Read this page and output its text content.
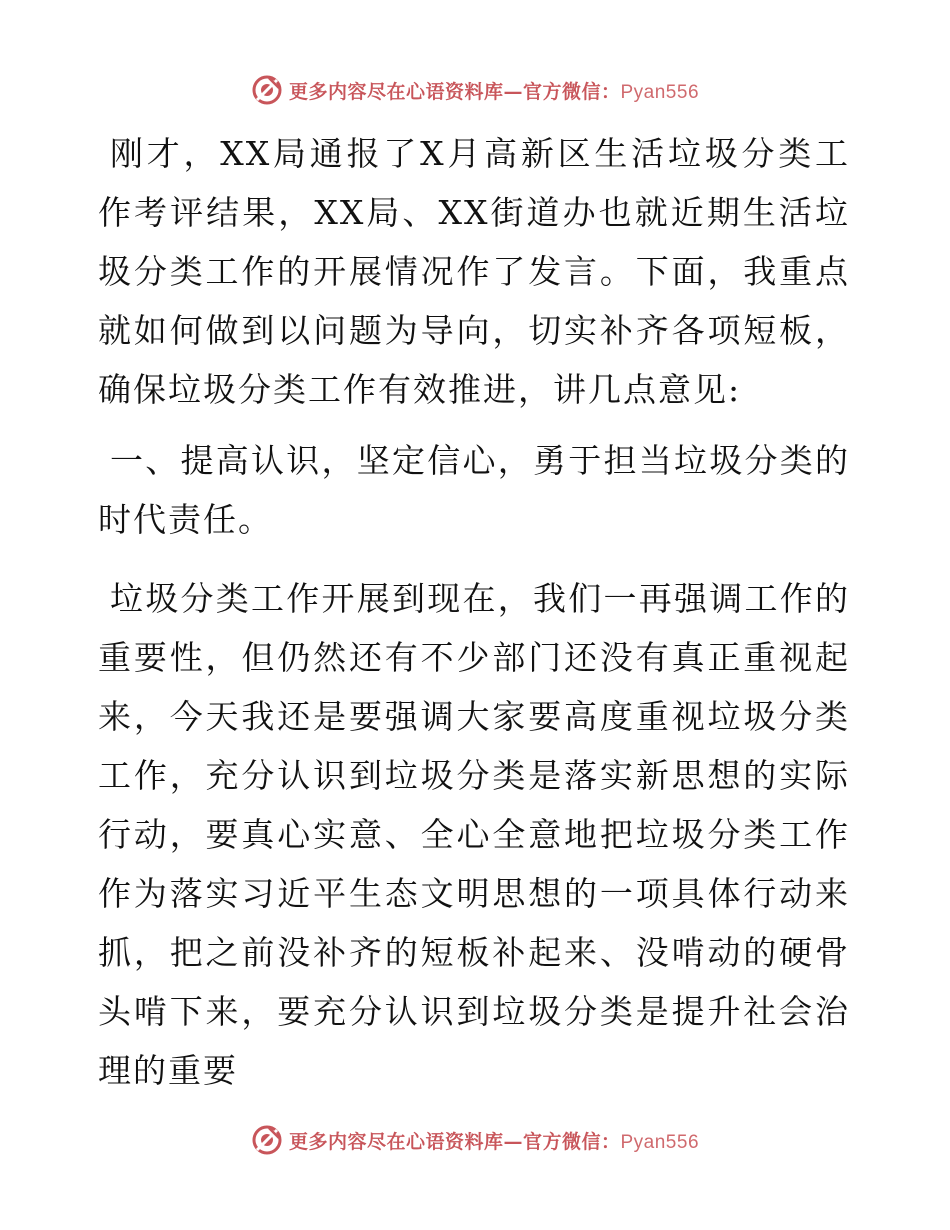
更多内容尽在心语资料库—官方微信：Pyan556

刚才，XX局通报了X月高新区生活垃圾分类工作考评结果，XX局、XX街道办也就近期生活垃圾分类工作的开展情况作了发言。下面，我重点就如何做到以问题为导向，切实补齐各项短板，确保垃圾分类工作有效推进，讲几点意见:

一、提高认识，坚定信心，勇于担当垃圾分类的时代责任。

垃圾分类工作开展到现在，我们一再强调工作的重要性，但仍然还有不少部门还没有真正重视起来，今天我还是要强调大家要高度重视垃圾分类工作，充分认识到垃圾分类是落实新思想的实际行动，要真心实意、全心全意地把垃圾分类工作作为落实习近平生态文明思想的一项具体行动来抓，把之前没补齐的短板补起来、没啃动的硬骨头啃下来，要充分认识到垃圾分类是提升社会治理的重要

更多内容尽在心语资料库—官方微信：Pyan556
